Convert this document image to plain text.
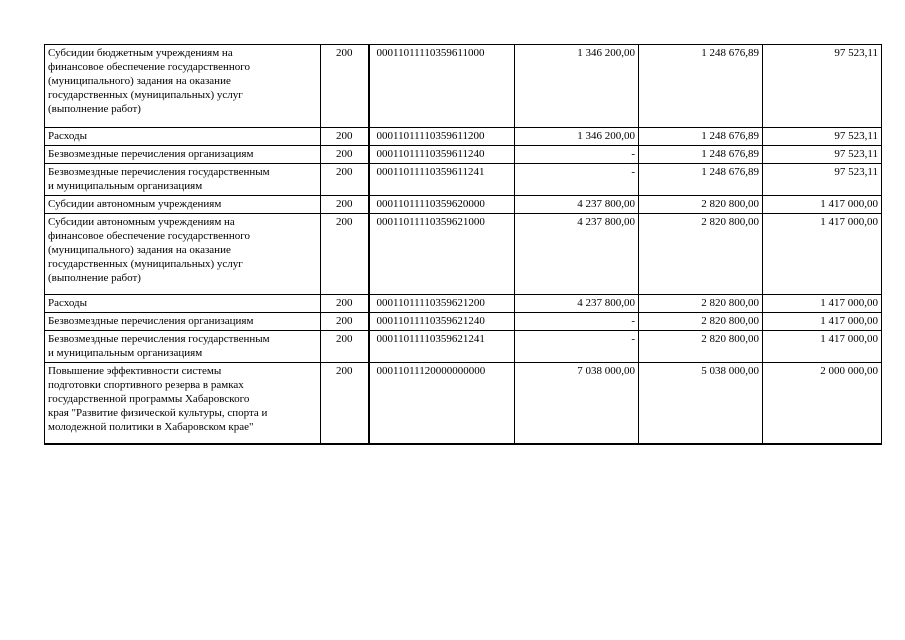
Субсидии бюджетным учреждениям на
финансовое обеспечение государственного
(муниципального) задания на оказание
государственных (муниципальных) услуг
(выполнение работ)	200	00011011110359611000	1 346 200,00	1 248 676,89	97 523,11
Расходы	200	00011011110359611200	1 346 200,00	1 248 676,89	97 523,11
Безвозмездные перечисления организациям	200	00011011110359611240	-	1 248 676,89	97 523,11
Безвозмездные перечисления государственным
и муниципальным организациям	200	00011011110359611241	-	1 248 676,89	97 523,11
Субсидии автономным учреждениям	200	00011011110359620000	4 237 800,00	2 820 800,00	1 417 000,00
Субсидии автономным учреждениям на
финансовое обеспечение государственного
(муниципального) задания на оказание
государственных (муниципальных) услуг
(выполнение работ)	200	00011011110359621000	4 237 800,00	2 820 800,00	1 417 000,00
Расходы	200	00011011110359621200	4 237 800,00	2 820 800,00	1 417 000,00
Безвозмездные перечисления организациям	200	00011011110359621240	-	2 820 800,00	1 417 000,00
Безвозмездные перечисления государственным
и муниципальным организациям	200	00011011110359621241	-	2 820 800,00	1 417 000,00
Повышение эффективности системы
подготовки спортивного резерва в рамках
государственной программы Хабаровского
края "Развитие физической культуры, спорта и
молодежной политики в Хабаровском крае"	200	00011011120000000000	7 038 000,00	5 038 000,00	2 000 000,00
